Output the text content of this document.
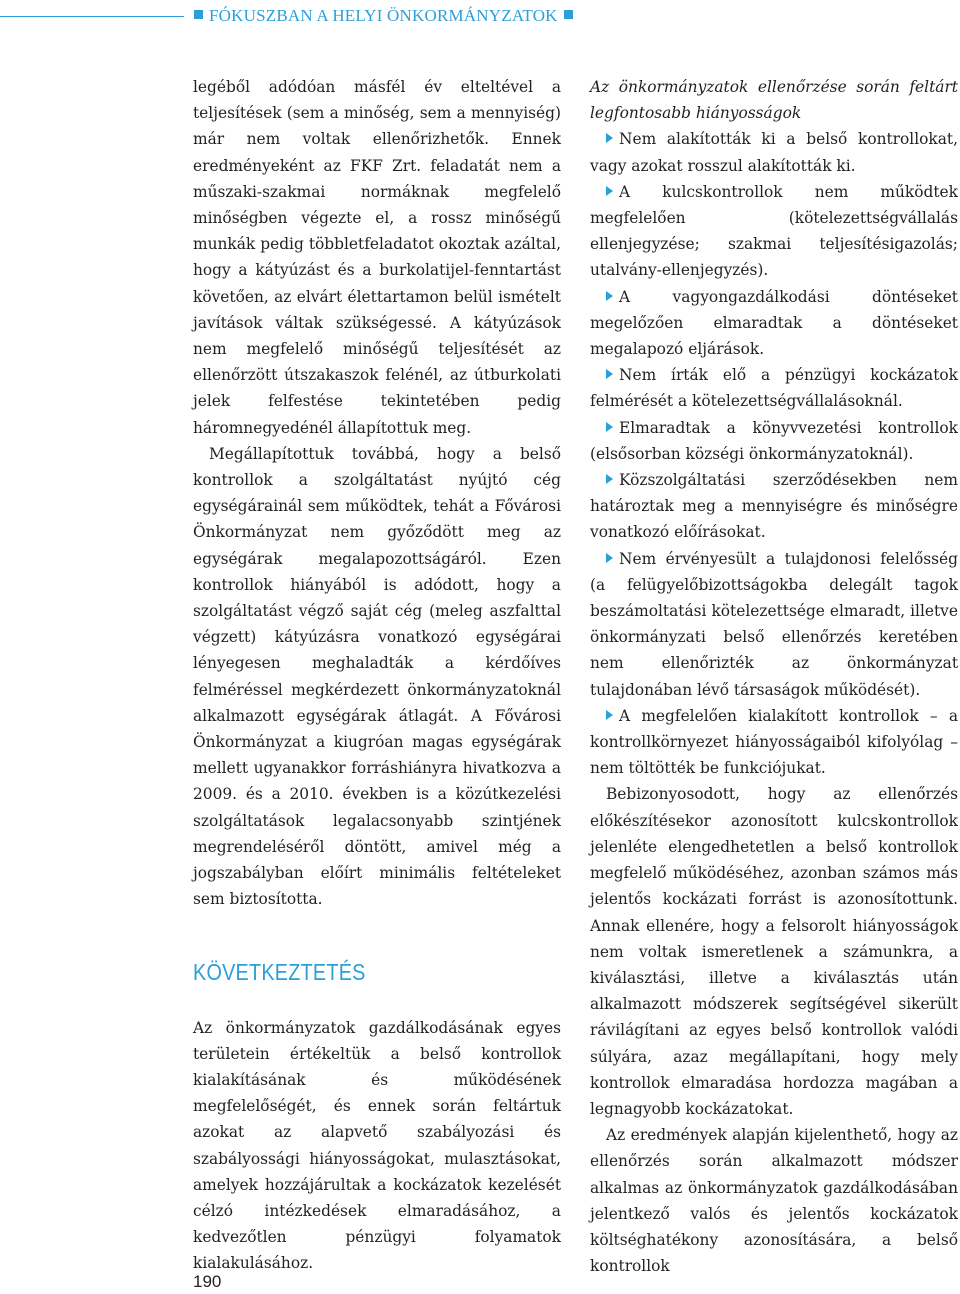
FÓKUSZBAN A HELYI ÖNKORMÁNYZATOK

legéből adódóan másfél év elteltével a teljesítések (sem a minőség, sem a mennyiség) már nem voltak ellenőrizhetők. Ennek eredményeként az FKF Zrt. feladatát nem a műszaki-szakmai normáknak megfelelő minőségben végezte el, a rossz minőségű munkák pedig többletfeladatot okoztak azáltal, hogy a kátyúzást és a burkolatijel-fenntartást követően, az elvárt élettartamon belül ismételt javítások váltak szükségessé. A kátyúzások nem megfelelő minőségű teljesítését az ellenőrzött útszakaszok felénél, az útburkolati jelek felfestése tekintetében pedig háromnegyedénél állapítottuk meg.

Megállapítottuk továbbá, hogy a belső kontrollok a szolgáltatást nyújtó cég egységárainál sem működtek, tehát a Fővárosi Önkormányzat nem győződött meg az egységárak megalapozottságáról. Ezen kontrollok hiányából is adódott, hogy a szolgáltatást végző saját cég (meleg aszfalttal végzett) kátyúzásra vonatkozó egységárai lényegesen meghaladták a kérdőíves felméréssel megkérdezett önkormányzatoknál alkalmazott egységárak átlagát. A Fővárosi Önkormányzat a kiugróan magas egységárak mellett ugyanakkor forráshiányra hivatkozva a 2009. és a 2010. években is a közútkezelési szolgáltatások legalacsonyabb szintjének megrendeléséről döntött, amivel még a jogszabályban előírt minimális feltételeket sem biztosította.

KÖVETKEZTETÉS

Az önkormányzatok gazdálkodásának egyes területein értékeltük a belső kontrollok kialakításának és működésének megfelelőségét, és ennek során feltártuk azokat az alapvető szabályozási és szabályossági hiányosságokat, mulasztásokat, amelyek hozzájárultak a kockázatok kezelését célzó intézkedések elmaradásához, a kedvezőtlen pénzügyi folyamatok kialakulásához.

Az önkormányzatok ellenőrzése során feltárt legfontosabb hiányosságok

Nem alakították ki a belső kontrollokat, vagy azokat rosszul alakították ki.

A kulcskontrollok nem működtek megfelelően (kötelezettségvállalás ellenjegyzése; szakmai teljesítésigazolás; utalvány-ellenjegyzés).

A vagyongazdálkodási döntéseket megelőzően elmaradtak a döntéseket megalapozó eljárások.

Nem írták elő a pénzügyi kockázatok felmérését a kötelezettségvállalásoknál.

Elmaradtak a könyvvezetési kontrollok (elsősorban községi önkormányzatoknál).

Közszolgáltatási szerződésekben nem határoztak meg a mennyiségre és minőségre vonatkozó előírásokat.

Nem érvényesült a tulajdonosi felelősség (a felügyelőbizottságokba delegált tagok beszámoltatási kötelezettsége elmaradt, illetve önkormányzati belső ellenőrzés keretében nem ellenőrizték az önkormányzat tulajdonában lévő társaságok működését).

A megfelelően kialakított kontrollok – a kontrollkörnyezet hiányosságaiból kifolyólag – nem töltötték be funkciójukat.

Bebizonyosodott, hogy az ellenőrzés előkészítésekor azonosított kulcskontrollok jelenléte elengedhetetlen a belső kontrollok megfelelő működéséhez, azonban számos más jelentős kockázati forrást is azonosítottunk. Annak ellenére, hogy a felsorolt hiányosságok nem voltak ismeretlenek a számunkra, a kiválasztási, illetve a kiválasztás után alkalmazott módszerek segítségével sikerült rávilágítani az egyes belső kontrollok valódi súlyára, azaz megállapítani, hogy mely kontrollok elmaradása hordozza magában a legnagyobb kockázatokat.

Az eredmények alapján kijelenthető, hogy az ellenőrzés során alkalmazott módszer alkalmas az önkormányzatok gazdálkodásában jelentkező valós és jelentős kockázatok költséghatékony azonosítására, a belső kontrollok

190
